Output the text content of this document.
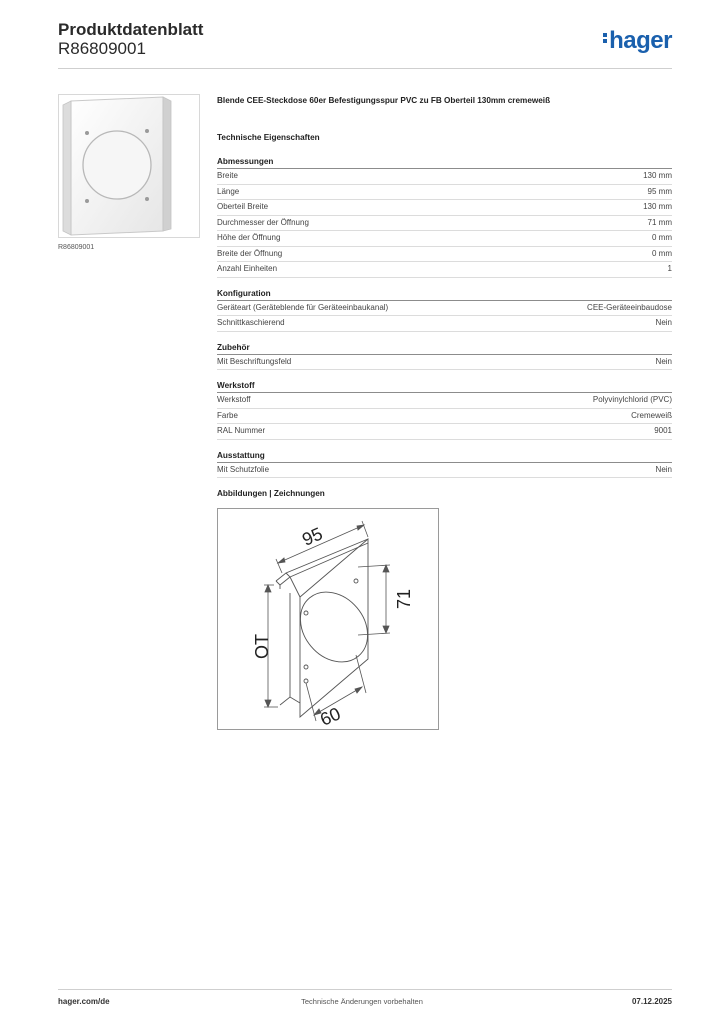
Produktdatenblatt
R86809001	hager
R86809001
Blende CEE-Steckdose 60er Befestigungsspur PVC zu FB Oberteil 130mm cremeweiß
Technische Eigenschaften
Abmessungen
Breite	130 mm
Länge	95 mm
Oberteil Breite	130 mm
Durchmesser der Öffnung	71 mm
Höhe der Öffnung	0 mm
Breite der Öffnung	0 mm
Anzahl Einheiten	1
Konfiguration
Geräteart (Geräteblende für Geräteeinbaukanal)	CEE-Geräteeinbaudose
Schnittkaschierend	Nein
Zubehör
Mit Beschriftungsfeld	Nein
Werkstoff
Werkstoff	Polyvinylchlorid (PVC)
Farbe	Cremeweiß
RAL Nummer	9001
Ausstattung
Mit Schutzfolie	Nein
Abbildungen | Zeichnungen
95
71
OT
60
hager.com/de	Technische Änderungen vorbehalten	07.12.2025
